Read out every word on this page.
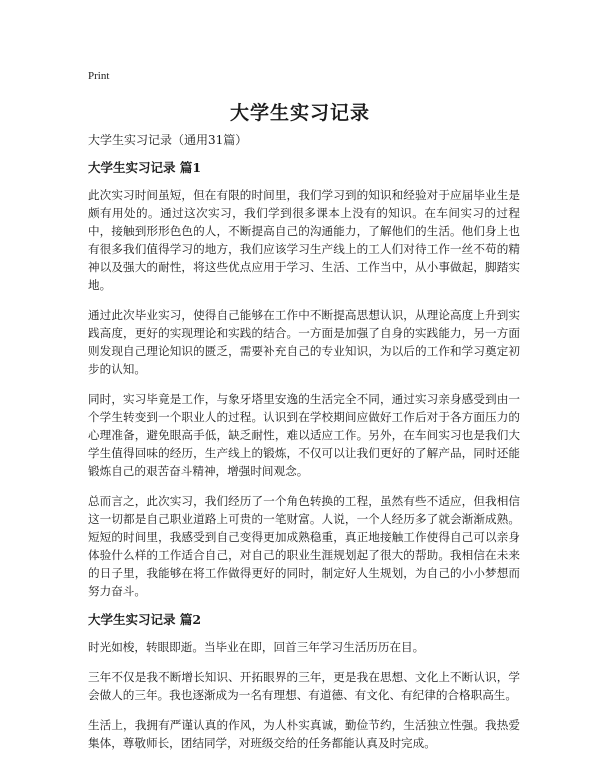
Print
大学生实习记录

大学生实习记录（通用31篇）

大学生实习记录 篇1

此次实习时间虽短，但在有限的时间里，我们学习到的知识和经验对于应届毕业生是颇有用处的。通过这次实习，我们学到很多课本上没有的知识。在车间实习的过程中，接触到形形色色的人，不断提高自己的沟通能力，了解他们的生活。他们身上也有很多我们值得学习的地方，我们应该学习生产线上的工人们对待工作一丝不苟的精神以及强大的耐性，将这些优点应用于学习、生活、工作当中，从小事做起，脚踏实地。

通过此次毕业实习，使得自己能够在工作中不断提高思想认识，从理论高度上升到实践高度，更好的实现理论和实践的结合。一方面是加强了自身的实践能力，另一方面则发现自己理论知识的匮乏，需要补充自己的专业知识，为以后的工作和学习奠定初步的认知。

同时，实习毕竟是工作，与象牙塔里安逸的生活完全不同，通过实习亲身感受到由一个学生转变到一个职业人的过程。认识到在学校期间应做好工作后对于各方面压力的心理准备，避免眼高手低，缺乏耐性，难以适应工作。另外，在车间实习也是我们大学生值得回味的经历，生产线上的锻炼，不仅可以让我们更好的了解产品，同时还能锻炼自己的艰苦奋斗精神，增强时间观念。

总而言之，此次实习，我们经历了一个角色转换的工程，虽然有些不适应，但我相信这一切都是自己职业道路上可贵的一笔财富。人说，一个人经历多了就会渐渐成熟。短短的时间里，我感受到自己变得更加成熟稳重，真正地接触工作使得自己可以亲身体验什么样的工作适合自己，对自己的职业生涯规划起了很大的帮助。我相信在未来的日子里，我能够在将工作做得更好的同时，制定好人生规划，为自己的小小梦想而努力奋斗。

大学生实习记录 篇2

时光如梭，转眼即逝。当毕业在即，回首三年学习生活历历在目。

三年不仅是我不断增长知识、开拓眼界的三年，更是我在思想、文化上不断认识，学会做人的三年。我也逐渐成为一名有理想、有道德、有文化、有纪律的合格职高生。

生活上，我拥有严谨认真的作风，为人朴实真诚，勤俭节约，生活独立性强。我热爱集体，尊敬师长，团结同学，对班级交给的任务都能认真及时完成。
